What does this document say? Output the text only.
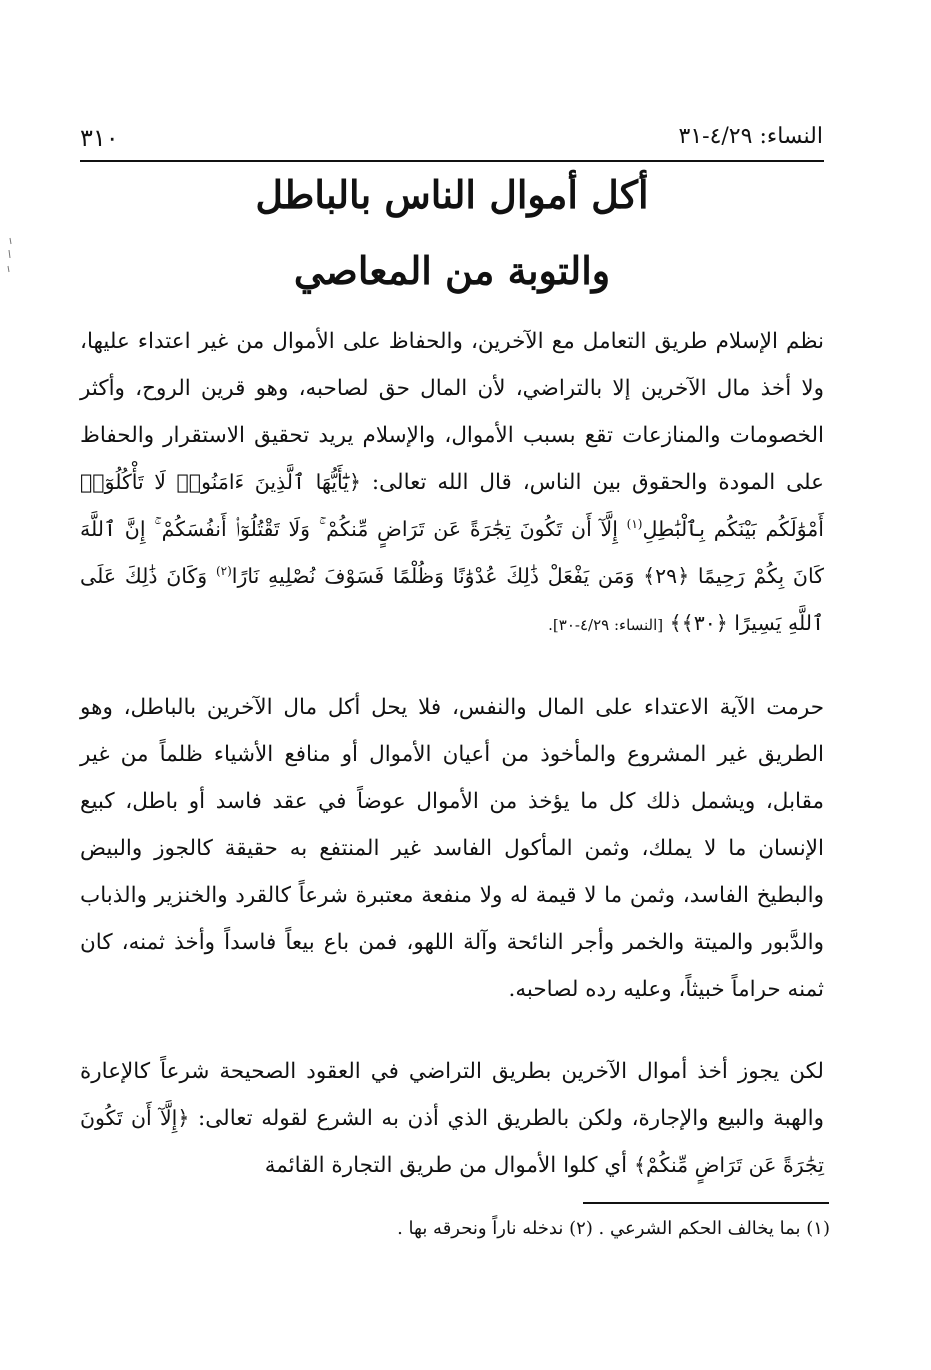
النساء: ٤/٢٩-٣١
٣١٠
أكل أموال الناس بالباطل
والتوبة من المعاصي

نظم الإسلام طريق التعامل مع الآخرين، والحفاظ على الأموال من غير اعتداء عليها، ولا أخذ مال الآخرين إلا بالتراضي، لأن المال حق لصاحبه، وهو قرين الروح، وأكثر الخصومات والمنازعات تقع بسبب الأموال، والإسلام يريد تحقيق الاستقرار والحفاظ على المودة والحقوق بين الناس، قال الله تعالى: ﴿يَٰٓأَيُّهَا ٱلَّذِينَ ءَامَنُوا۟ لَا تَأْكُلُوٓا۟ أَمْوَٰلَكُم بَيْنَكُم بِٱلْبَٰطِلِ$^{(١)}$ إِلَّآ أَن تَكُونَ تِجَٰرَةً عَن تَرَاضٍ مِّنكُمْ ۚ وَلَا تَقْتُلُوٓا۟ أَنفُسَكُمْ ۚ إِنَّ ٱللَّهَ كَانَ بِكُمْ رَحِيمًا ﴿٢٩﴾ وَمَن يَفْعَلْ ذَٰلِكَ عُدْوَٰنًا وَظُلْمًا فَسَوْفَ نُصْلِيهِ نَارًا$^{(٢)}$ وَكَانَ ذَٰلِكَ عَلَى ٱللَّهِ يَسِيرًا ﴿٣٠﴾﴾ [النساء: ٤/٢٩-٣٠].

حرمت الآية الاعتداء على المال والنفس، فلا يحل أكل مال الآخرين بالباطل، وهو الطريق غير المشروع والمأخوذ من أعيان الأموال أو منافع الأشياء ظلماً من غير مقابل، ويشمل ذلك كل ما يؤخذ من الأموال عوضاً في عقد فاسد أو باطل، كبيع الإنسان ما لا يملك، وثمن المأكول الفاسد غير المنتفع به حقيقة كالجوز والبيض والبطيخ الفاسد، وثمن ما لا قيمة له ولا منفعة معتبرة شرعاً كالقرد والخنزير والذباب والدَّبور والميتة والخمر وأجر النائحة وآلة اللهو، فمن باع بيعاً فاسداً وأخذ ثمنه، كان ثمنه حراماً خبيثاً، وعليه رده لصاحبه.

لكن يجوز أخذ أموال الآخرين بطريق التراضي في العقود الصحيحة شرعاً كالإعارة والهبة والبيع والإجارة، ولكن بالطريق الذي أذن به الشرع لقوله تعالى: ﴿إِلَّآ أَن تَكُونَ تِجَٰرَةً عَن تَرَاضٍ مِّنكُمْ﴾ أي كلوا الأموال من طريق التجارة القائمة

(١) بما يخالف الحكم الشرعي . (٢) ندخله ناراً ونحرقه بها .
